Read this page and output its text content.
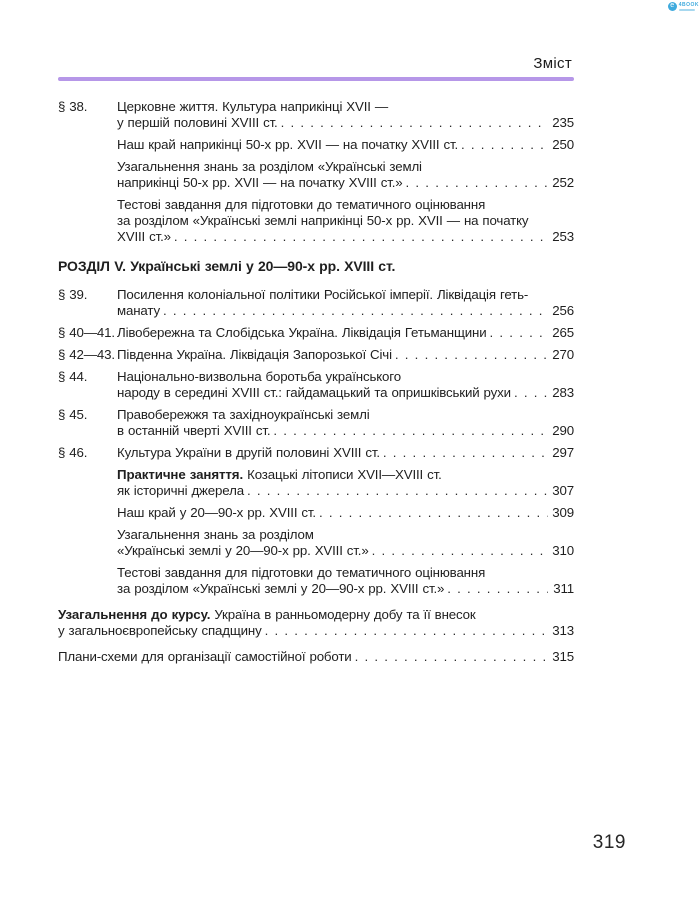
e
4BOOK
Зміст
§ 38.	Церковне життя. Культура наприкінці XVII —
у першій половині XVIII ст. . . .	235
Наш край наприкінці 50-х рр. XVII — на початку XVIII ст. . . .	250
Узагальнення знань за розділом «Українські землі
наприкінці 50-х рр. XVII — на початку XVIII ст.» . . .	252
Тестові завдання для підготовки до тематичного оцінювання
за розділом «Українські землі наприкінці 50-х рр. XVII — на початку
XVIII ст.» . . .	253
РОЗДІЛ V. Українські землі у 20—90-х рр. XVIII ст.
§ 39.	Посилення колоніальної політики Російської імперії. Ліквідація геть-
манату . . .	256
§ 40—41. Лівобережна та Слобідська Україна. Ліквідація Гетьманщини . . .	265
§ 42—43. Південна Україна. Ліквідація Запорозької Січі . . .	270
§ 44.	Національно-визвольна боротьба українського
народу в середині XVIII ст.: гайдамацький та опришківський рухи . . .	283
§ 45.	Правобережжя та західноукраїнські землі
в останній чверті XVIII ст. . . .	290
§ 46.	Культура України в другій половині XVIII ст. . . .	297
Практичне заняття. Козацькі літописи XVII—XVIII ст.
як історичні джерела . . .	307
Наш край у 20—90-х рр. XVIII ст. . . .	309
Узагальнення знань за розділом
«Українські землі у 20—90-х рр. XVIII ст.» . . .	310
Тестові завдання для підготовки до тематичного оцінювання
за розділом «Українські землі у 20—90-х рр. XVIII ст.» . . .	311
Узагальнення до курсу. Україна в ранньомодерну добу та її внесок
у загальноєвропейську спадщину . . .	313
Плани-схеми для організації самостійної роботи . . .	315
319
